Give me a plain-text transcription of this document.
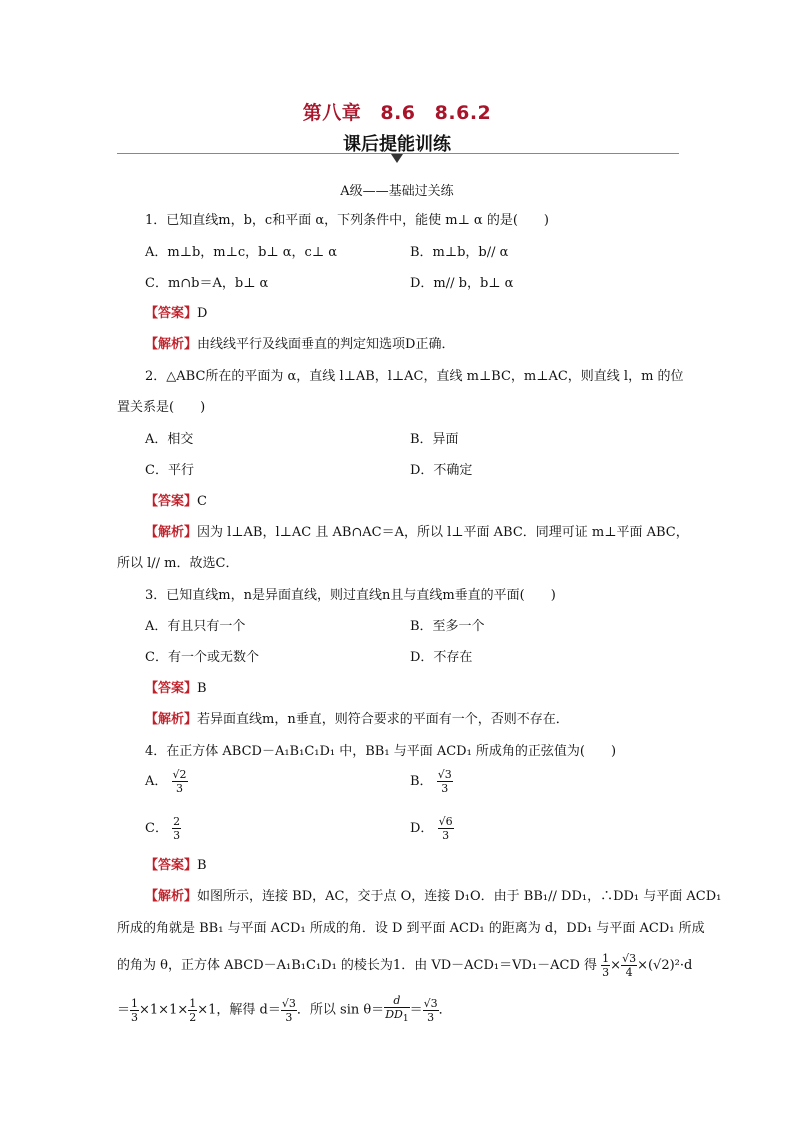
第八章 8.6 8.6.2
课后提能训练
A级——基础过关练
1．已知直线m，b，c和平面 α，下列条件中，能使 m⊥ α 的是(　　)
A．m⊥b，m⊥c，b⊥ α，c⊥ α	B．m⊥b，b// α
C．m∩b＝A，b⊥ α	D．m// b，b⊥ α
【答案】D
【解析】由线线平行及线面垂直的判定知选项D正确．
2．△ABC所在的平面为 α，直线 l⊥AB，l⊥AC，直线 m⊥BC，m⊥AC，则直线 l，m 的位
置关系是(　　)
A．相交	B．异面
C．平行	D．不确定
【答案】C
【解析】因为 l⊥AB，l⊥AC 且 AB∩AC＝A，所以 l⊥平面 ABC．同理可证 m⊥平面 ABC，
所以 l// m．故选C．
3．已知直线m，n是异面直线，则过直线n且与直线m垂直的平面(　　)
A．有且只有一个	B．至多一个
C．有一个或无数个	D．不存在
【答案】B
【解析】若异面直线m，n垂直，则符合要求的平面有一个，否则不存在．
4．在正方体 ABCD－A₁B₁C₁D₁ 中，BB₁ 与平面 ACD₁ 所成角的正弦值为(　　)
A． $\frac{√2}{3}$	B． $\frac{√3}{3}$
C． $\frac{2}{3}$	D． $\frac{√6}{3}$
【答案】B
【解析】如图所示，连接 BD，AC，交于点 O，连接 D₁O．由于 BB₁// DD₁，∴DD₁ 与平面 ACD₁
所成的角就是 BB₁ 与平面 ACD₁ 所成的角．设 D 到平面 ACD₁ 的距离为 d，DD₁ 与平面 ACD₁ 所成
的角为 θ，正方体 ABCD－A₁B₁C₁D₁ 的棱长为1．由 VD－ACD₁＝VD₁－ACD 得 $\frac{1}{3} \times \frac{√3}{4} \times(√2)^2\cdot d$
＝ $\frac{1}{3} \times 1\times 1\times \frac{1}{2} \times 1$，解得 $d= \frac{√3}{3}$ ．所以 $\sin \theta= \frac{d}{DD_1} = \frac{√3}{3}$ ．
